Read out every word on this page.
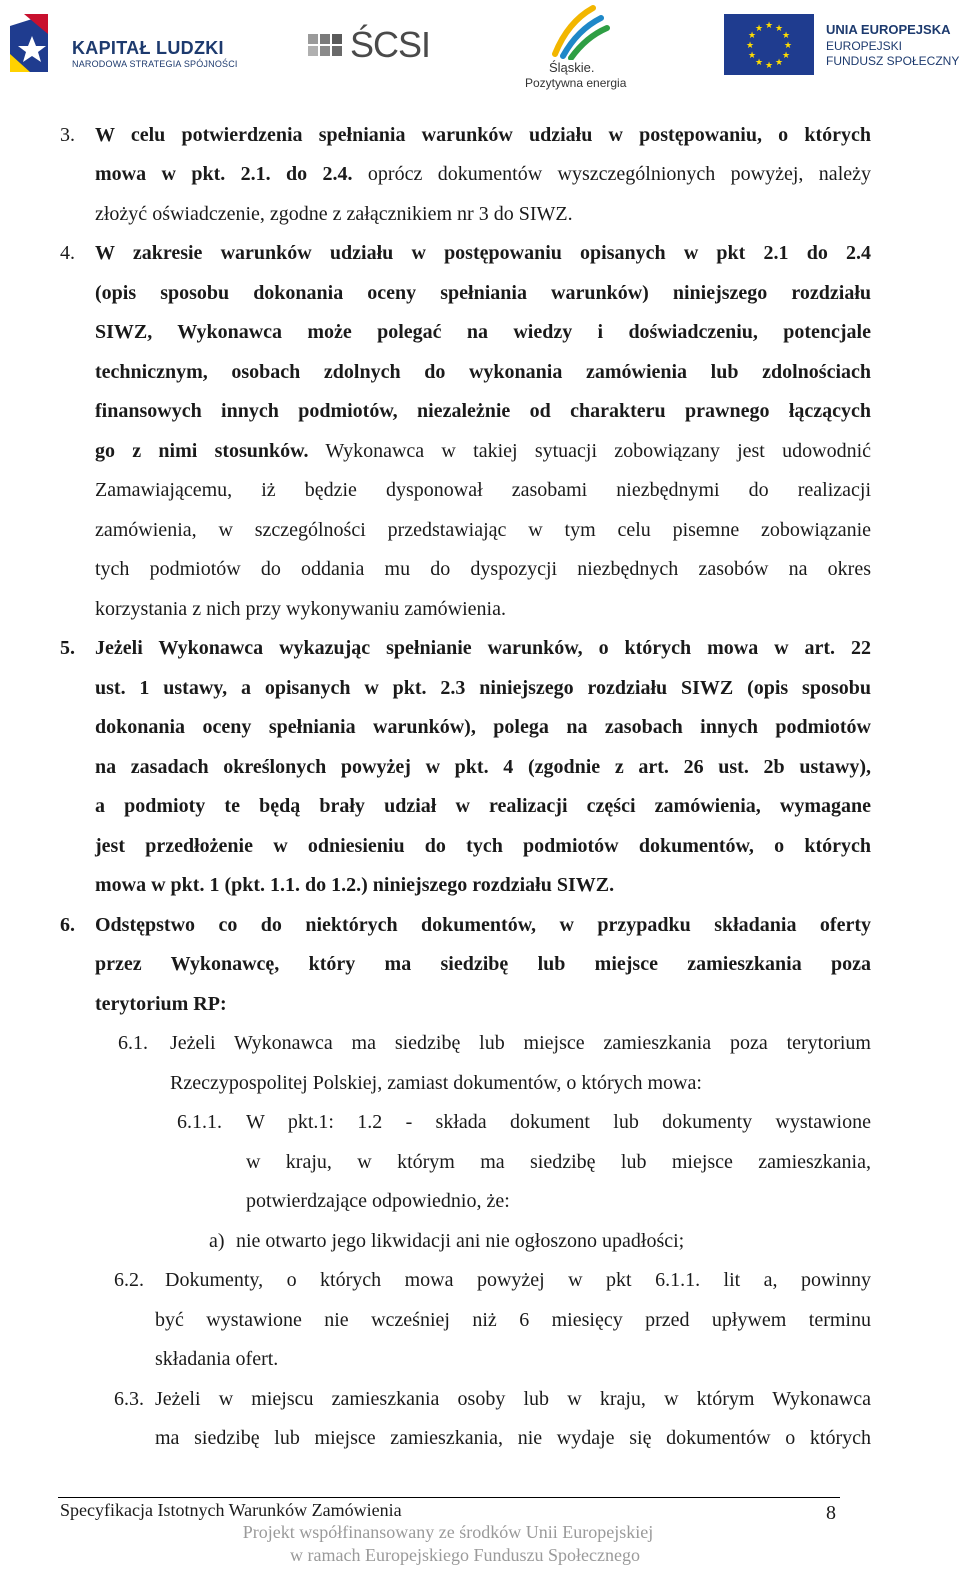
KAPITAŁ LUDZKI
NARODOWA STRATEGIA SPÓJNOŚCI	ŚCSI
Śląskie.
Pozytywna energia
★ ★
★
★
★
★
★
★
★
★
★
★	UNIA EUROPEJSKA
EUROPEJSKI
FUNDUSZ SPOŁECZNY
3. W celu potwierdzenia spełniania warunków udziału w postępowaniu, o których
mowa w pkt. 2.1. do 2.4. oprócz dokumentów wyszczególnionych powyżej, należy
złożyć oświadczenie, zgodne z załącznikiem nr 3 do SIWZ.
4. W zakresie warunków udziału w postępowaniu opisanych w pkt 2.1 do 2.4
(opis sposobu dokonania oceny spełniania warunków) niniejszego rozdziału
SIWZ, Wykonawca może polegać na wiedzy i doświadczeniu, potencjale
technicznym, osobach zdolnych do wykonania zamówienia lub zdolnościach
finansowych innych podmiotów, niezależnie od charakteru prawnego łączących
go z nimi stosunków. Wykonawca w takiej sytuacji zobowiązany jest udowodnić
Zamawiającemu, iż będzie dysponował zasobami niezbędnymi do realizacji
zamówienia, w szczególności przedstawiając w tym celu pisemne zobowiązanie
tych podmiotów do oddania mu do dyspozycji niezbędnych zasobów na okres
korzystania z nich przy wykonywaniu zamówienia.
5. Jeżeli Wykonawca wykazując spełnianie warunków, o których mowa w art. 22
ust. 1 ustawy, a opisanych w pkt. 2.3 niniejszego rozdziału SIWZ (opis sposobu
dokonania oceny spełniania warunków), polega na zasobach innych podmiotów
na zasadach określonych powyżej w pkt. 4 (zgodnie z art. 26 ust. 2b ustawy),
a podmioty te będą brały udział w realizacji części zamówienia, wymagane
jest przedłożenie w odniesieniu do tych podmiotów dokumentów, o których
mowa w pkt. 1 (pkt. 1.1. do 1.2.) niniejszego rozdziału SIWZ.
6. Odstępstwo co do niektórych dokumentów, w przypadku składania oferty
przez Wykonawcę, który ma siedzibę lub miejsce zamieszkania poza
terytorium RP:
6.1. Jeżeli Wykonawca ma siedzibę lub miejsce zamieszkania poza terytorium
Rzeczypospolitej Polskiej, zamiast dokumentów, o których mowa:
6.1.1. W pkt.1: 1.2 - składa dokument lub dokumenty wystawione
w kraju, w którym ma siedzibę lub miejsce zamieszkania,
potwierdzające odpowiednio, że:
a) nie otwarto jego likwidacji ani nie ogłoszono upadłości;
6.2. Dokumenty, o których mowa powyżej w pkt 6.1.1. lit a, powinny
być wystawione nie wcześniej niż 6 miesięcy przed upływem terminu
składania ofert.
6.3. Jeżeli w miejscu zamieszkania osoby lub w kraju, w którym Wykonawca
ma siedzibę lub miejsce zamieszkania, nie wydaje się dokumentów o których
Specyfikacja Istotnych Warunków Zamówienia	8
Projekt współfinansowany ze środków Unii Europejskiej
w ramach Europejskiego Funduszu Społecznego
